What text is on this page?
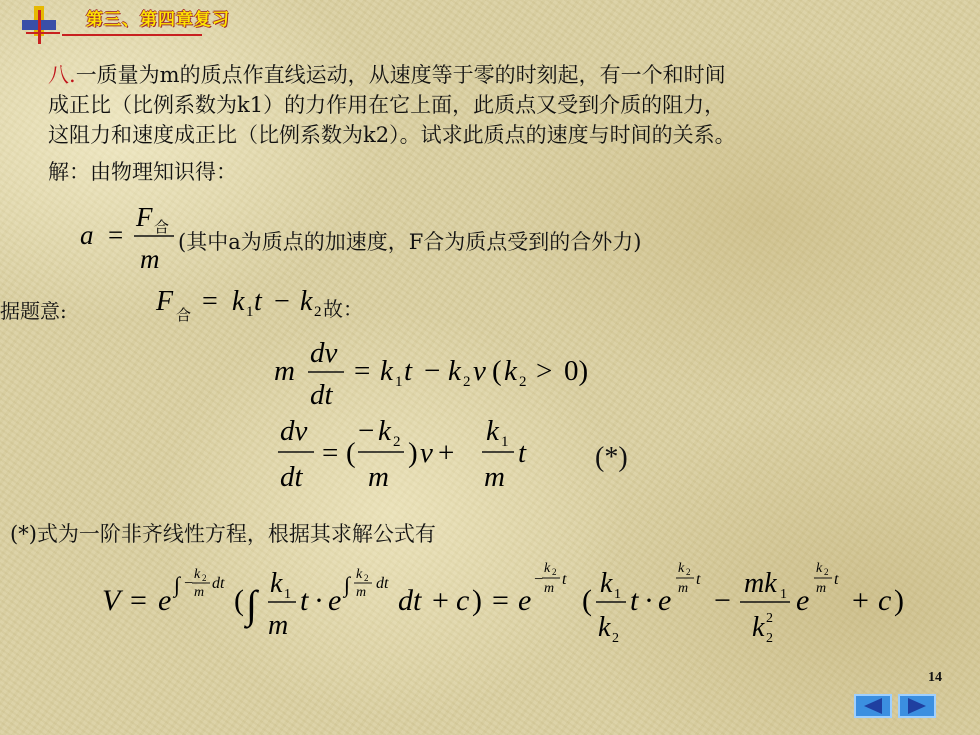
第三、第四章复习
八.一质量为m的质点作直线运动，从速度等于零的时刻起，有一个和时间
成正比（比例系数为k1）的力作用在它上面，此质点又受到介质的阻力，
这阻力和速度成正比（比例系数为k2）。试求此质点的速度与时间的关系。
解：由物理知识得：
a =
F 合
m
(其中a为质点的加速度，F合为质点受到的合外力)
据题意:	F 合 = k 1 t − k 2 故：
m
dv
dt
= k 1 t − k 2 v ( k 2 > 0)
dv
dt
= (
− k 2
m
) v +
k 1
m
t (*)
(*)式为一阶非齐线性方程，根据其求解公式有
V = e ∫ −
k 2
m
dt
( ∫ k 1
m
t · e ∫ k 2
m
dt
dt + c ) = e
−
k 2
m
t
(
k 1
k 2
t · e
k 2
m
t
−
mk 1
k 2
2
e
k 2
m
t
+ c )
14
